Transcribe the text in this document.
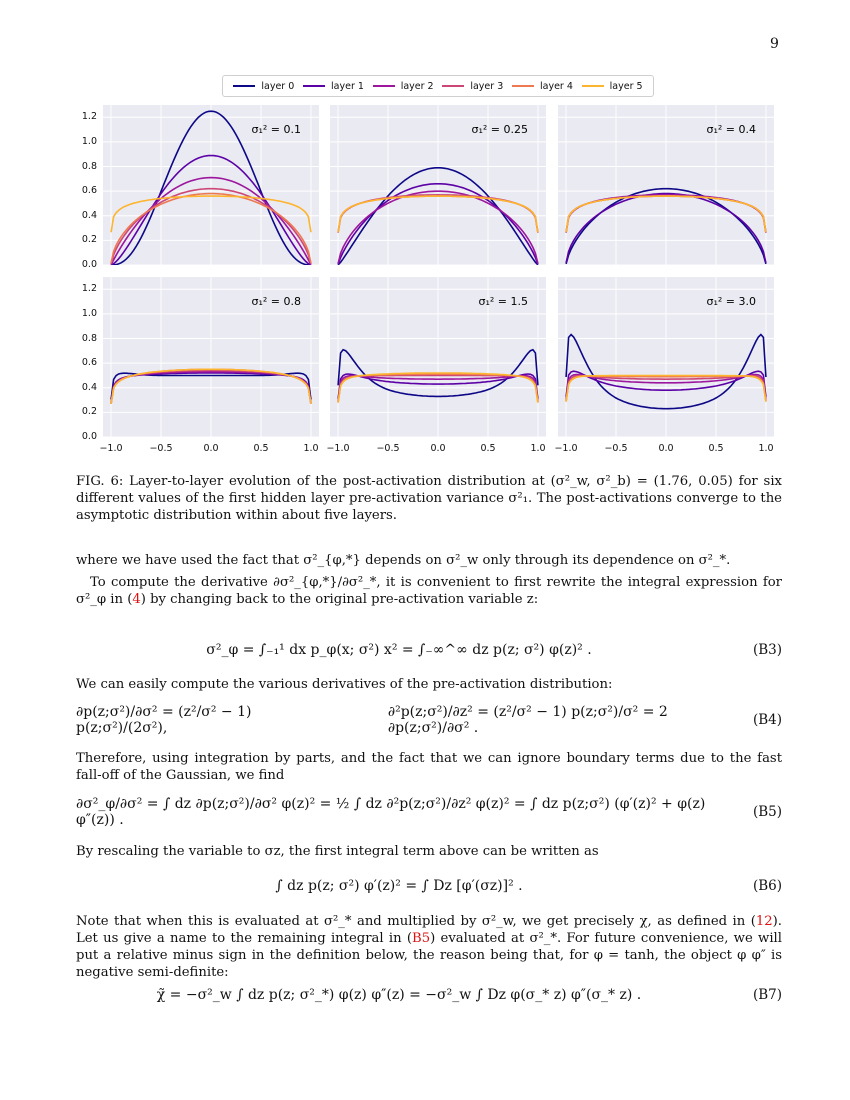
9
layer 0	layer 1	layer 2	layer 3	layer 4	layer 5
σ₁² = 0.1
0.0
0.2
0.4
0.6
0.8
1.0
1.2
σ₁² = 0.25	σ₁² = 0.4
σ₁² = 0.8
0.0
0.2
0.4
0.6
0.8
1.0
1.2
−1.0	−0.5	0.0	0.5	1.0
σ₁² = 1.5
−1.0	−0.5	0.0	0.5	1.0
σ₁² = 3.0
−1.0	−0.5	0.0	0.5	1.0
FIG. 6: Layer-to-layer evolution of the post-activation distribution at (σ²_w, σ²_b) = (1.76, 0.05) for six different values of the first hidden layer pre-activation variance σ²₁. The post-activations converge to the asymptotic distribution within about five layers.
where we have used the fact that σ²_{φ,*} depends on σ²_w only through its dependence on σ²_*.
To compute the derivative ∂σ²_{φ,*}/∂σ²_*, it is convenient to first rewrite the integral expression for σ²_φ in (4) by changing back to the original pre-activation variable z:
σ²_φ = ∫₋₁¹ dx p_φ(x; σ²) x² = ∫₋∞^∞ dz p(z; σ²) φ(z)² .	(B3)
We can easily compute the various derivatives of the pre-activation distribution:
∂p(z;σ²)/∂σ² = (z²/σ² − 1) p(z;σ²)/(2σ²),
∂²p(z;σ²)/∂z² = (z²/σ² − 1) p(z;σ²)/σ² = 2 ∂p(z;σ²)/∂σ² .	(B4)
Therefore, using integration by parts, and the fact that we can ignore boundary terms due to the fast fall-off of the Gaussian, we find
∂σ²_φ/∂σ² = ∫ dz ∂p(z;σ²)/∂σ² φ(z)² = ½ ∫ dz ∂²p(z;σ²)/∂z² φ(z)² = ∫ dz p(z;σ²) (φ′(z)² + φ(z) φ″(z)) .	(B5)
By rescaling the variable to σz, the first integral term above can be written as
∫ dz p(z; σ²) φ′(z)² = ∫ Dz [φ′(σz)]² .	(B6)
Note that when this is evaluated at σ²_* and multiplied by σ²_w, we get precisely χ, as defined in (12). Let us give a name to the remaining integral in (B5) evaluated at σ²_*. For future convenience, we will put a relative minus sign in the definition below, the reason being that, for φ = tanh, the object φ φ″ is negative semi-definite:
χ̃ = −σ²_w ∫ dz p(z; σ²_*) φ(z) φ″(z) = −σ²_w ∫ Dz φ(σ_* z) φ″(σ_* z) .	(B7)
